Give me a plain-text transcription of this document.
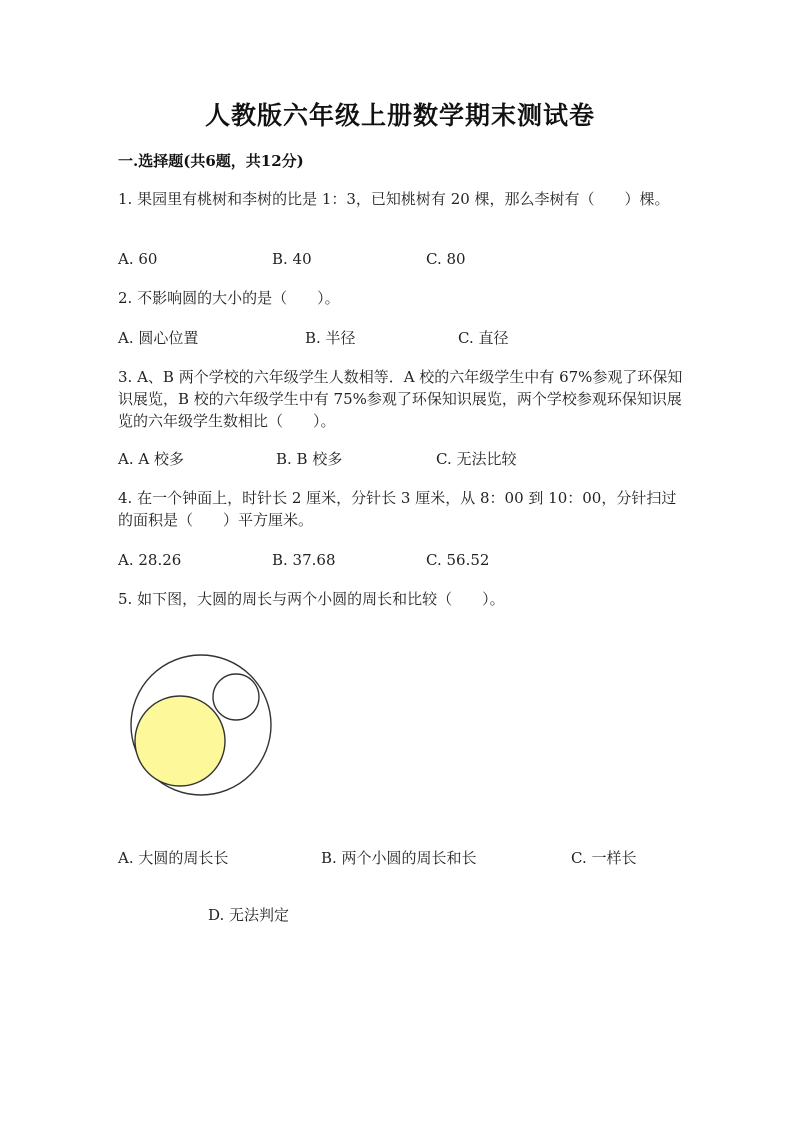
人教版六年级上册数学期末测试卷
一.选择题(共6题，共12分)
1. 果园里有桃树和李树的比是 1：3，已知桃树有 20 棵，那么李树有（　　）棵。
A. 60	B. 40	C. 80
2. 不影响圆的大小的是（　　）。
A. 圆心位置	B. 半径	C. 直径
3. A、B 两个学校的六年级学生人数相等．A 校的六年级学生中有 67%参观了环保知识展览，B 校的六年级学生中有 75%参观了环保知识展览，两个学校参观环保知识展览的六年级学生数相比（　　）。
A. A 校多	B. B 校多	C. 无法比较
4. 在一个钟面上，时针长 2 厘米，分针长 3 厘米，从 8：00 到 10：00，分针扫过的面积是（　　）平方厘米。
A. 28.26	B. 37.68	C. 56.52
5. 如下图，大圆的周长与两个小圆的周长和比较（　　）。
A. 大圆的周长长	B. 两个小圆的周长和长	C. 一样长
D. 无法判定
